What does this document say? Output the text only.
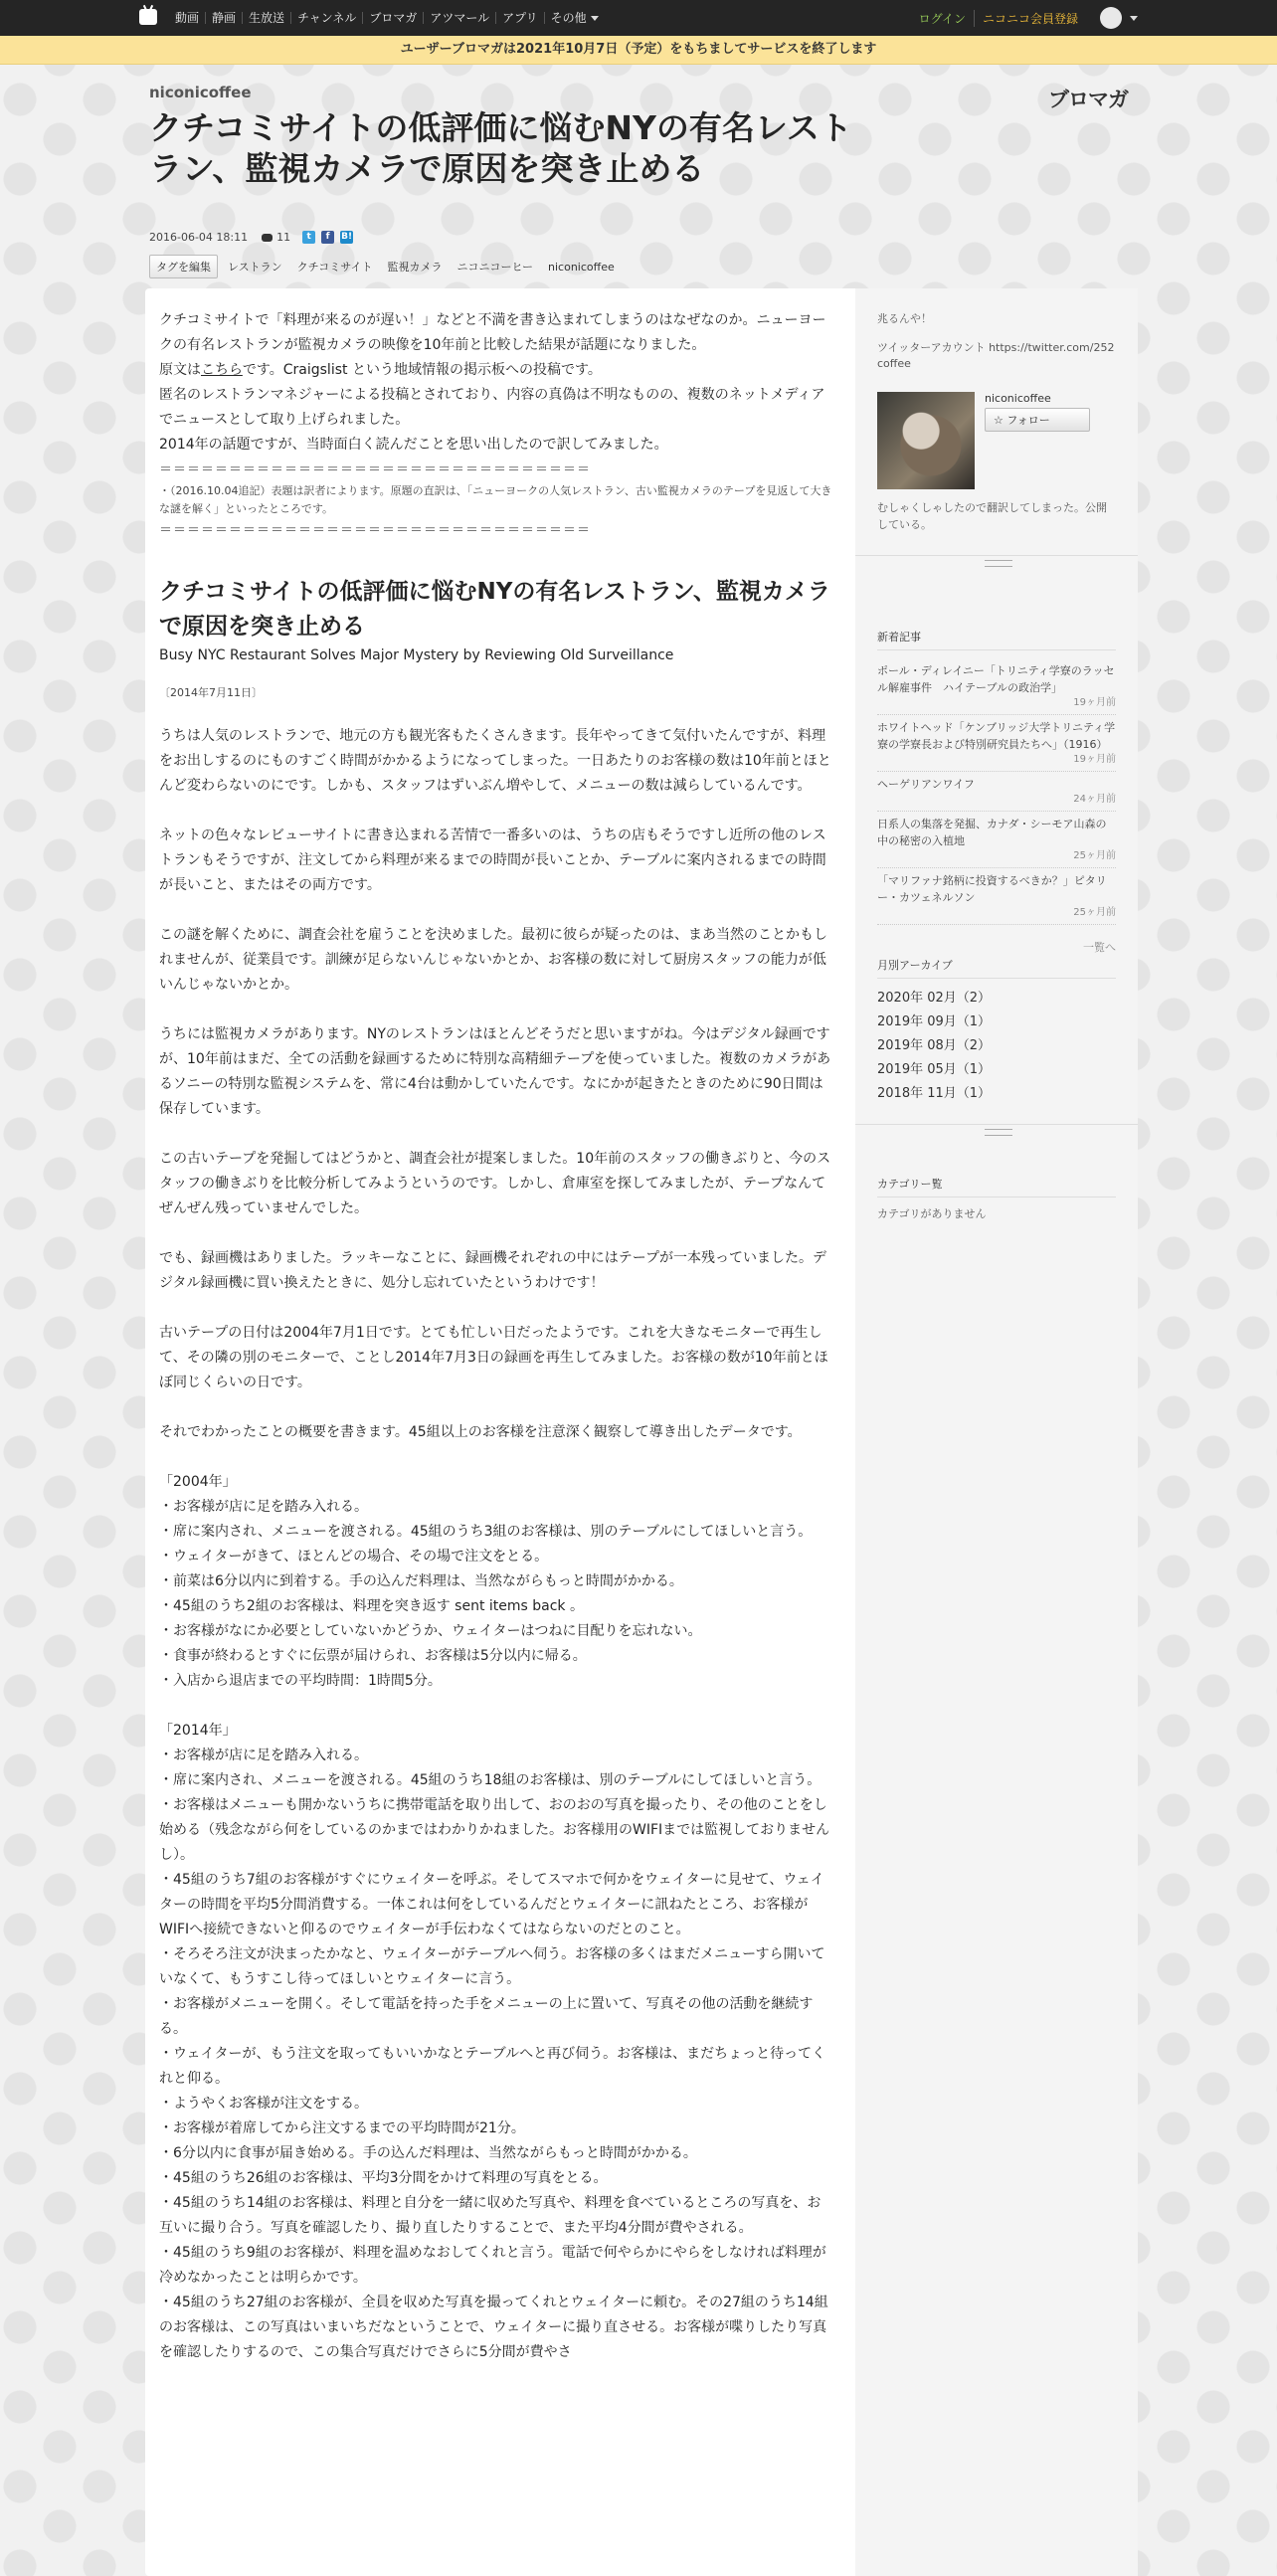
動画	静画	生放送	チャンネル	ブロマガ	アツマール	アプリ	その他	ログイン	ニコニコ会員登録
ユーザーブロマガは2021年10月7日（予定）をもちましてサービスを終了します
niconicoffee	ブロマガ
クチコミサイトの低評価に悩むNYの有名レストラン、監視カメラで原因を突き止める
2016-06-04 18:11	11	t	f	B!
タグを編集	レストラン クチコミサイト 監視カメラ ニコニコーヒー niconicoffee

クチコミサイトで「料理が来るのが遅い！」などと不満を書き込まれてしまうのはなぜなのか。ニューヨークの有名レストランが監視カメラの映像を10年前と比較した結果が話題になりました。

原文はこちらです。Craigslist という地域情報の掲示板への投稿です。

匿名のレストランマネジャーによる投稿とされており、内容の真偽は不明なものの、複数のネットメディアでニュースとして取り上げられました。

2014年の話題ですが、当時面白く読んだことを思い出したので訳してみました。

＝＝＝＝＝＝＝＝＝＝＝＝＝＝＝＝＝＝＝＝＝＝＝＝＝＝＝＝＝＝＝

・（2016.10.04追記）表題は訳者によります。原題の直訳は、「ニューヨークの人気レストラン、古い監視カメラのテープを見返して大きな謎を解く」といったところです。

＝＝＝＝＝＝＝＝＝＝＝＝＝＝＝＝＝＝＝＝＝＝＝＝＝＝＝＝＝＝＝

クチコミサイトの低評価に悩むNYの有名レストラン、監視カメラで原因を突き止める

Busy NYC Restaurant Solves Major Mystery by Reviewing Old Surveillance

〔2014年7月11日〕

うちは人気のレストランで、地元の方も観光客もたくさんきます。長年やってきて気付いたんですが、料理をお出しするのにものすごく時間がかかるようになってしまった。一日あたりのお客様の数は10年前とほとんど変わらないのにです。しかも、スタッフはずいぶん増やして、メニューの数は減らしているんです。

ネットの色々なレビューサイトに書き込まれる苦情で一番多いのは、うちの店もそうですし近所の他のレストランもそうですが、注文してから料理が来るまでの時間が長いことか、テーブルに案内されるまでの時間が長いこと、またはその両方です。

この謎を解くために、調査会社を雇うことを決めました。最初に彼らが疑ったのは、まあ当然のことかもしれませんが、従業員です。訓練が足らないんじゃないかとか、お客様の数に対して厨房スタッフの能力が低いんじゃないかとか。

うちには監視カメラがあります。NYのレストランはほとんどそうだと思いますがね。今はデジタル録画ですが、10年前はまだ、全ての活動を録画するために特別な高精細テープを使っていました。複数のカメラがあるソニーの特別な監視システムを、常に4台は動かしていたんです。なにかが起きたときのために90日間は保存しています。

この古いテープを発掘してはどうかと、調査会社が提案しました。10年前のスタッフの働きぶりと、今のスタッフの働きぶりを比較分析してみようというのです。しかし、倉庫室を探してみましたが、テープなんてぜんぜん残っていませんでした。

でも、録画機はありました。ラッキーなことに、録画機それぞれの中にはテープが一本残っていました。デジタル録画機に買い換えたときに、処分し忘れていたというわけです！

古いテープの日付は2004年7月1日です。とても忙しい日だったようです。これを大きなモニターで再生して、その隣の別のモニターで、ことし2014年7月3日の録画を再生してみました。お客様の数が10年前とほぼ同じくらいの日です。

それでわかったことの概要を書きます。45組以上のお客様を注意深く観察して導き出したデータです。

「2004年」

・お客様が店に足を踏み入れる。

・席に案内され、メニューを渡される。45組のうち3組のお客様は、別のテーブルにしてほしいと言う。

・ウェイターがきて、ほとんどの場合、その場で注文をとる。

・前菜は6分以内に到着する。手の込んだ料理は、当然ながらもっと時間がかかる。

・45組のうち2組のお客様は、料理を突き返す sent items back 。

・お客様がなにか必要としていないかどうか、ウェイターはつねに目配りを忘れない。

・食事が終わるとすぐに伝票が届けられ、お客様は5分以内に帰る。

・入店から退店までの平均時間：1時間5分。

「2014年」

・お客様が店に足を踏み入れる。

・席に案内され、メニューを渡される。45組のうち18組のお客様は、別のテーブルにしてほしいと言う。

・お客様はメニューも開かないうちに携帯電話を取り出して、おのおの写真を撮ったり、その他のことをし始める（残念ながら何をしているのかまではわかりかねました。お客様用のWIFIまでは監視しておりませんし）。

・45組のうち7組のお客様がすぐにウェイターを呼ぶ。そしてスマホで何かをウェイターに見せて、ウェイターの時間を平均5分間消費する。一体これは何をしているんだとウェイターに訊ねたところ、お客様がWIFIへ接続できないと仰るのでウェイターが手伝わなくてはならないのだとのこと。

・そろそろ注文が決まったかなと、ウェイターがテーブルへ伺う。お客様の多くはまだメニューすら開いていなくて、もうすこし待ってほしいとウェイターに言う。

・お客様がメニューを開く。そして電話を持った手をメニューの上に置いて、写真その他の活動を継続する。

・ウェイターが、もう注文を取ってもいいかなとテーブルへと再び伺う。お客様は、まだちょっと待ってくれと仰る。

・ようやくお客様が注文をする。

・お客様が着席してから注文するまでの平均時間が21分。

・6分以内に食事が届き始める。手の込んだ料理は、当然ながらもっと時間がかかる。

・45組のうち26組のお客様は、平均3分間をかけて料理の写真をとる。

・45組のうち14組のお客様は、料理と自分を一緒に収めた写真や、料理を食べているところの写真を、お互いに撮り合う。写真を確認したり、撮り直したりすることで、また平均4分間が費やされる。

・45組のうち9組のお客様が、料理を温めなおしてくれと言う。電話で何やらかにやらをしなければ料理が冷めなかったことは明らかです。

・45組のうち27組のお客様が、全員を収めた写真を撮ってくれとウェイターに頼む。その27組のうち14組のお客様は、この写真はいまいちだなということで、ウェイターに撮り直させる。お客様が喋りしたり写真を確認したりするので、この集合写真だけでさらに5分間が費やさ

兆るんや！
ツイッターアカウント https://twitter.com/252coffee
niconicoffee
☆ フォロー
むしゃくしゃしたので翻訳してしまった。公開している。
新着記事
ポール・ディレイニー「トリニティ学寮のラッセル解雇事件　ハイテーブルの政治学」
19ヶ月前
ホワイトヘッド「ケンブリッジ大学トリニティ学寮の学寮長および特別研究員たちへ」（1916）
19ヶ月前
ヘーゲリアンワイフ
24ヶ月前
日系人の集落を発掘、カナダ・シーモア山森の中の秘密の入植地
25ヶ月前
「マリファナ銘柄に投資するべきか？」ピタリー・カツェネルソン
25ヶ月前
一覧へ
月別アーカイブ
2020年 02月（2）
2019年 09月（1）
2019年 08月（2）
2019年 05月（1）
2018年 11月（1）
カテゴリー覧
カテゴリがありません
